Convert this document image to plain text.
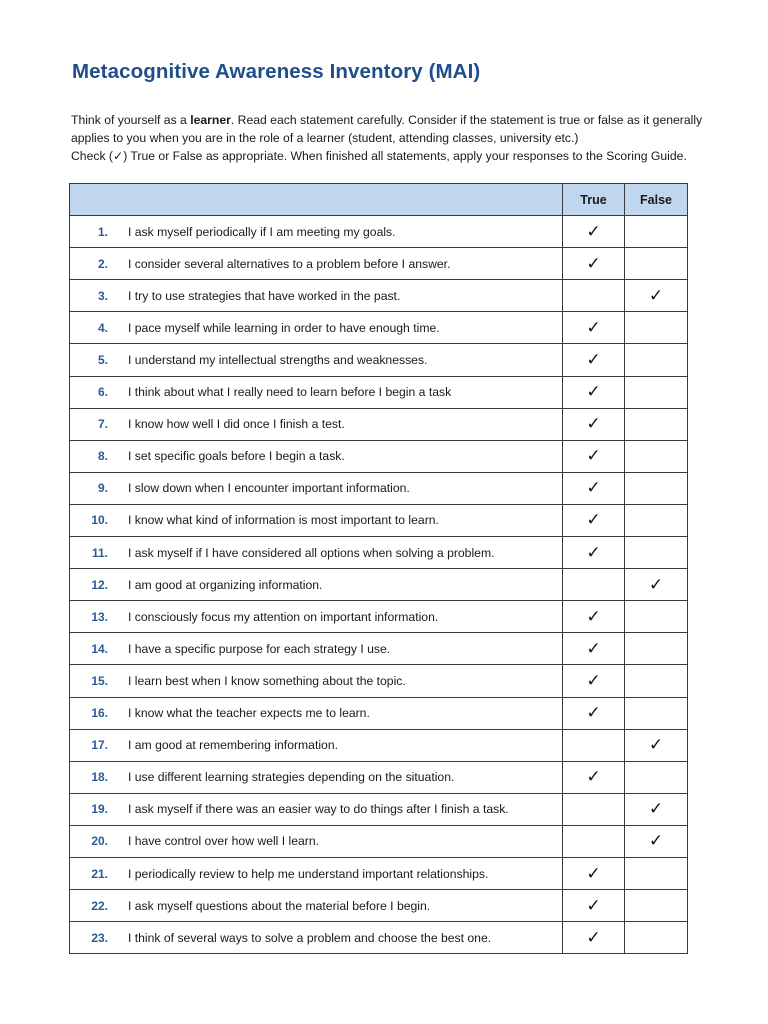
Metacognitive Awareness Inventory (MAI)

Think of yourself as a learner. Read each statement carefully. Consider if the statement is true or false as it generally

applies to you when you are in the role of a learner (student, attending classes, university etc.)

Check (✓) True or False as appropriate. When finished all statements, apply your responses to the Scoring Guide.

	True	False
1. I ask myself periodically if I am meeting my goals.	✓	
2. I consider several alternatives to a problem before I answer.	✓	
3. I try to use strategies that have worked in the past.		✓
4. I pace myself while learning in order to have enough time.	✓	
5. I understand my intellectual strengths and weaknesses.	✓	
6. I think about what I really need to learn before I begin a task	✓	
7. I know how well I did once I finish a test.	✓	
8. I set specific goals before I begin a task.	✓	
9. I slow down when I encounter important information.	✓	
10. I know what kind of information is most important to learn.	✓	
11. I ask myself if I have considered all options when solving a problem.	✓	
12. I am good at organizing information.		✓
13. I consciously focus my attention on important information.	✓	
14. I have a specific purpose for each strategy I use.	✓	
15. I learn best when I know something about the topic.	✓	
16. I know what the teacher expects me to learn.	✓	
17. I am good at remembering information.		✓
18. I use different learning strategies depending on the situation.	✓	
19. I ask myself if there was an easier way to do things after I finish a task.		✓
20. I have control over how well I learn.		✓
21. I periodically review to help me understand important relationships.	✓	
22. I ask myself questions about the material before I begin.	✓	
23. I think of several ways to solve a problem and choose the best one.	✓	
